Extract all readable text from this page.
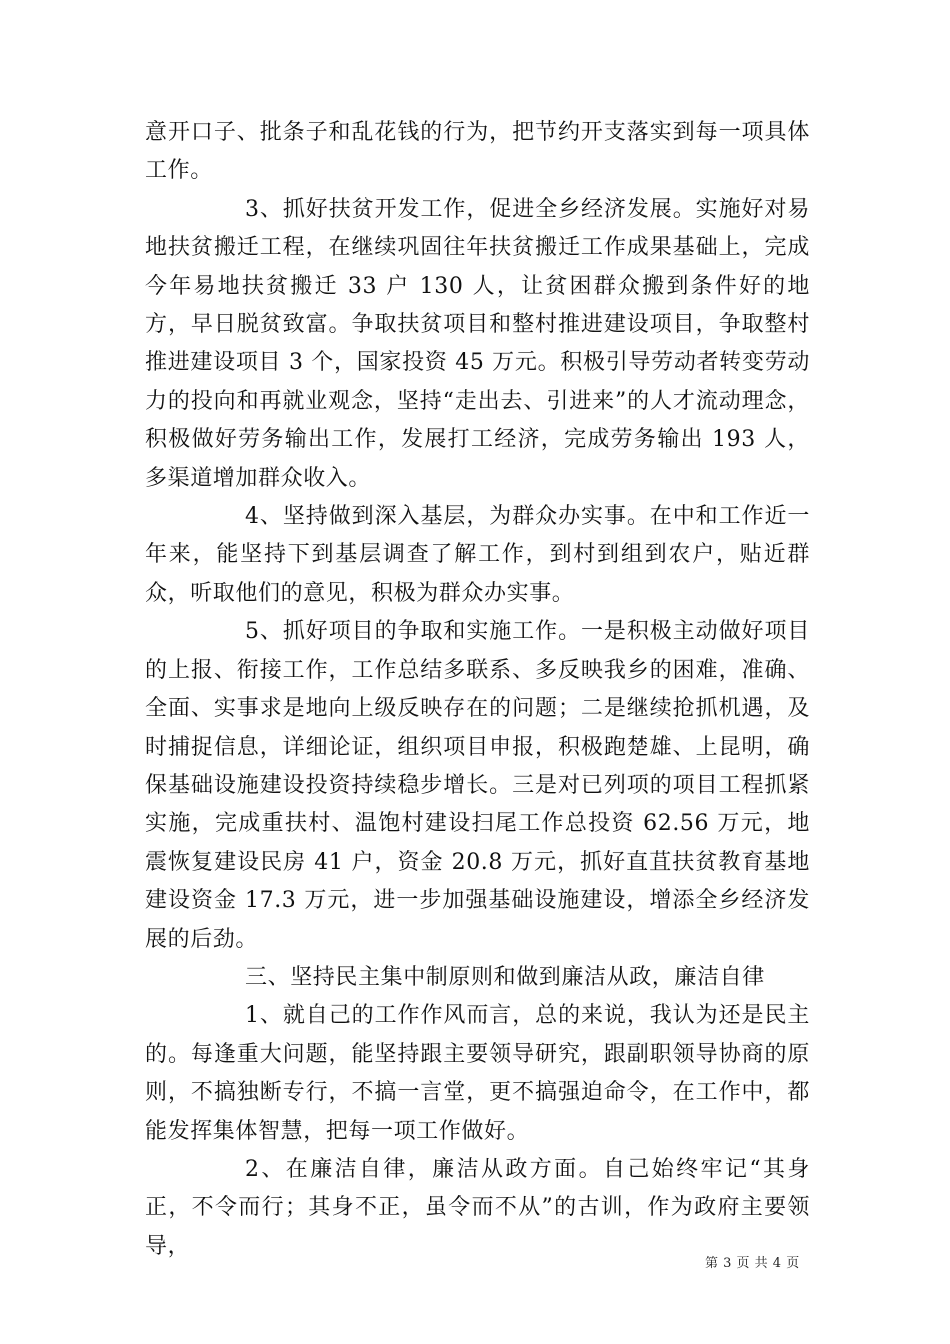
意开口子、批条子和乱花钱的行为，把节约开支落实到每一项具体工作。

3、抓好扶贫开发工作，促进全乡经济发展。实施好对易地扶贫搬迁工程，在继续巩固往年扶贫搬迁工作成果基础上，完成今年易地扶贫搬迁 33 户 130 人，让贫困群众搬到条件好的地方，早日脱贫致富。争取扶贫项目和整村推进建设项目，争取整村推进建设项目 3 个，国家投资 45 万元。积极引导劳动者转变劳动力的投向和再就业观念，坚持“走出去、引进来”的人才流动理念，积极做好劳务输出工作，发展打工经济，完成劳务输出 193 人，多渠道增加群众收入。

4、坚持做到深入基层，为群众办实事。在中和工作近一年来，能坚持下到基层调查了解工作，到村到组到农户，贴近群众，听取他们的意见，积极为群众办实事。

5、抓好项目的争取和实施工作。一是积极主动做好项目的上报、衔接工作，工作总结多联系、多反映我乡的困难，准确、全面、实事求是地向上级反映存在的问题；二是继续抢抓机遇，及时捕捉信息，详细论证，组织项目申报，积极跑楚雄、上昆明，确保基础设施建设投资持续稳步增长。三是对已列项的项目工程抓紧实施，完成重扶村、温饱村建设扫尾工作总投资 62.56 万元，地震恢复建设民房 41 户，资金 20.8 万元，抓好直苴扶贫教育基地建设资金 17.3 万元，进一步加强基础设施建设，增添全乡经济发展的后劲。

三、坚持民主集中制原则和做到廉洁从政，廉洁自律

1、就自己的工作作风而言，总的来说，我认为还是民主的。每逢重大问题，能坚持跟主要领导研究，跟副职领导协商的原则，不搞独断专行，不搞一言堂，更不搞强迫命令，在工作中，都能发挥集体智慧，把每一项工作做好。

2、在廉洁自律，廉洁从政方面。自己始终牢记“其身正，不令而行；其身不正，虽令而不从”的古训，作为政府主要领导，

第 3 页 共 4 页
